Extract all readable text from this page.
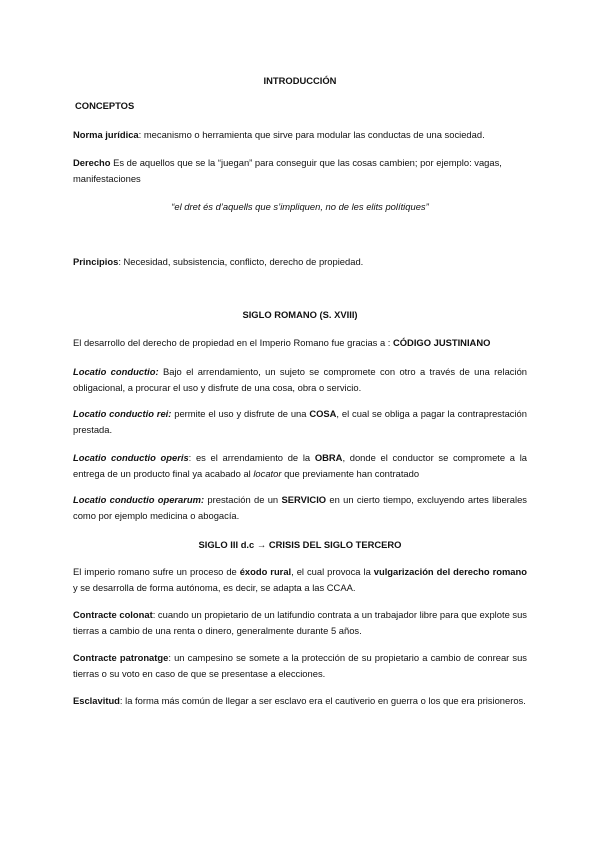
INTRODUCCIÓN
CONCEPTOS
Norma jurídica: mecanismo o herramienta que sirve para modular las conductas de una sociedad.
Derecho Es de aquellos que se la “juegan” para conseguir que las cosas cambien; por ejemplo: vagas, manifestaciones
“el dret és d’aquells que s’impliquen, no de les elits polítiques”
Principios: Necesidad, subsistencia, conflicto, derecho de propiedad.
SIGLO ROMANO (S. XVIII)
El desarrollo del derecho de propiedad en el Imperio Romano fue gracias a : CÓDIGO JUSTINIANO
Locatio conductio: Bajo el arrendamiento, un sujeto se compromete con otro a través de una relación obligacional, a procurar el uso y disfrute de una cosa, obra o servicio.
Locatio conductio rei: permite el uso y disfrute de una COSA, el cual se obliga a pagar la contraprestación prestada.
Locatio conductio operis: es el arrendamiento de la OBRA, donde el conductor se compromete a la entrega de un producto final ya acabado al locator que previamente han contratado
Locatio conductio operarum: prestación de un SERVICIO en un cierto tiempo, excluyendo artes liberales como por ejemplo medicina o abogacía.
SIGLO III d.c → CRISIS DEL SIGLO TERCERO
El imperio romano sufre un proceso de éxodo rural, el cual provoca la vulgarización del derecho romano y se desarrolla de forma autónoma, es decir, se adapta a las CCAA.
Contracte colonat: cuando un propietario de un latifundio contrata a un trabajador libre para que explote sus tierras a cambio de una renta o dinero, generalmente durante 5 años.
Contracte patronatge: un campesino se somete a la protección de su propietario a cambio de conrear sus tierras o su voto en caso de que se presentase a elecciones.
Esclavitud: la forma más común de llegar a ser esclavo era el cautiverio en guerra o los que era prisioneros.
